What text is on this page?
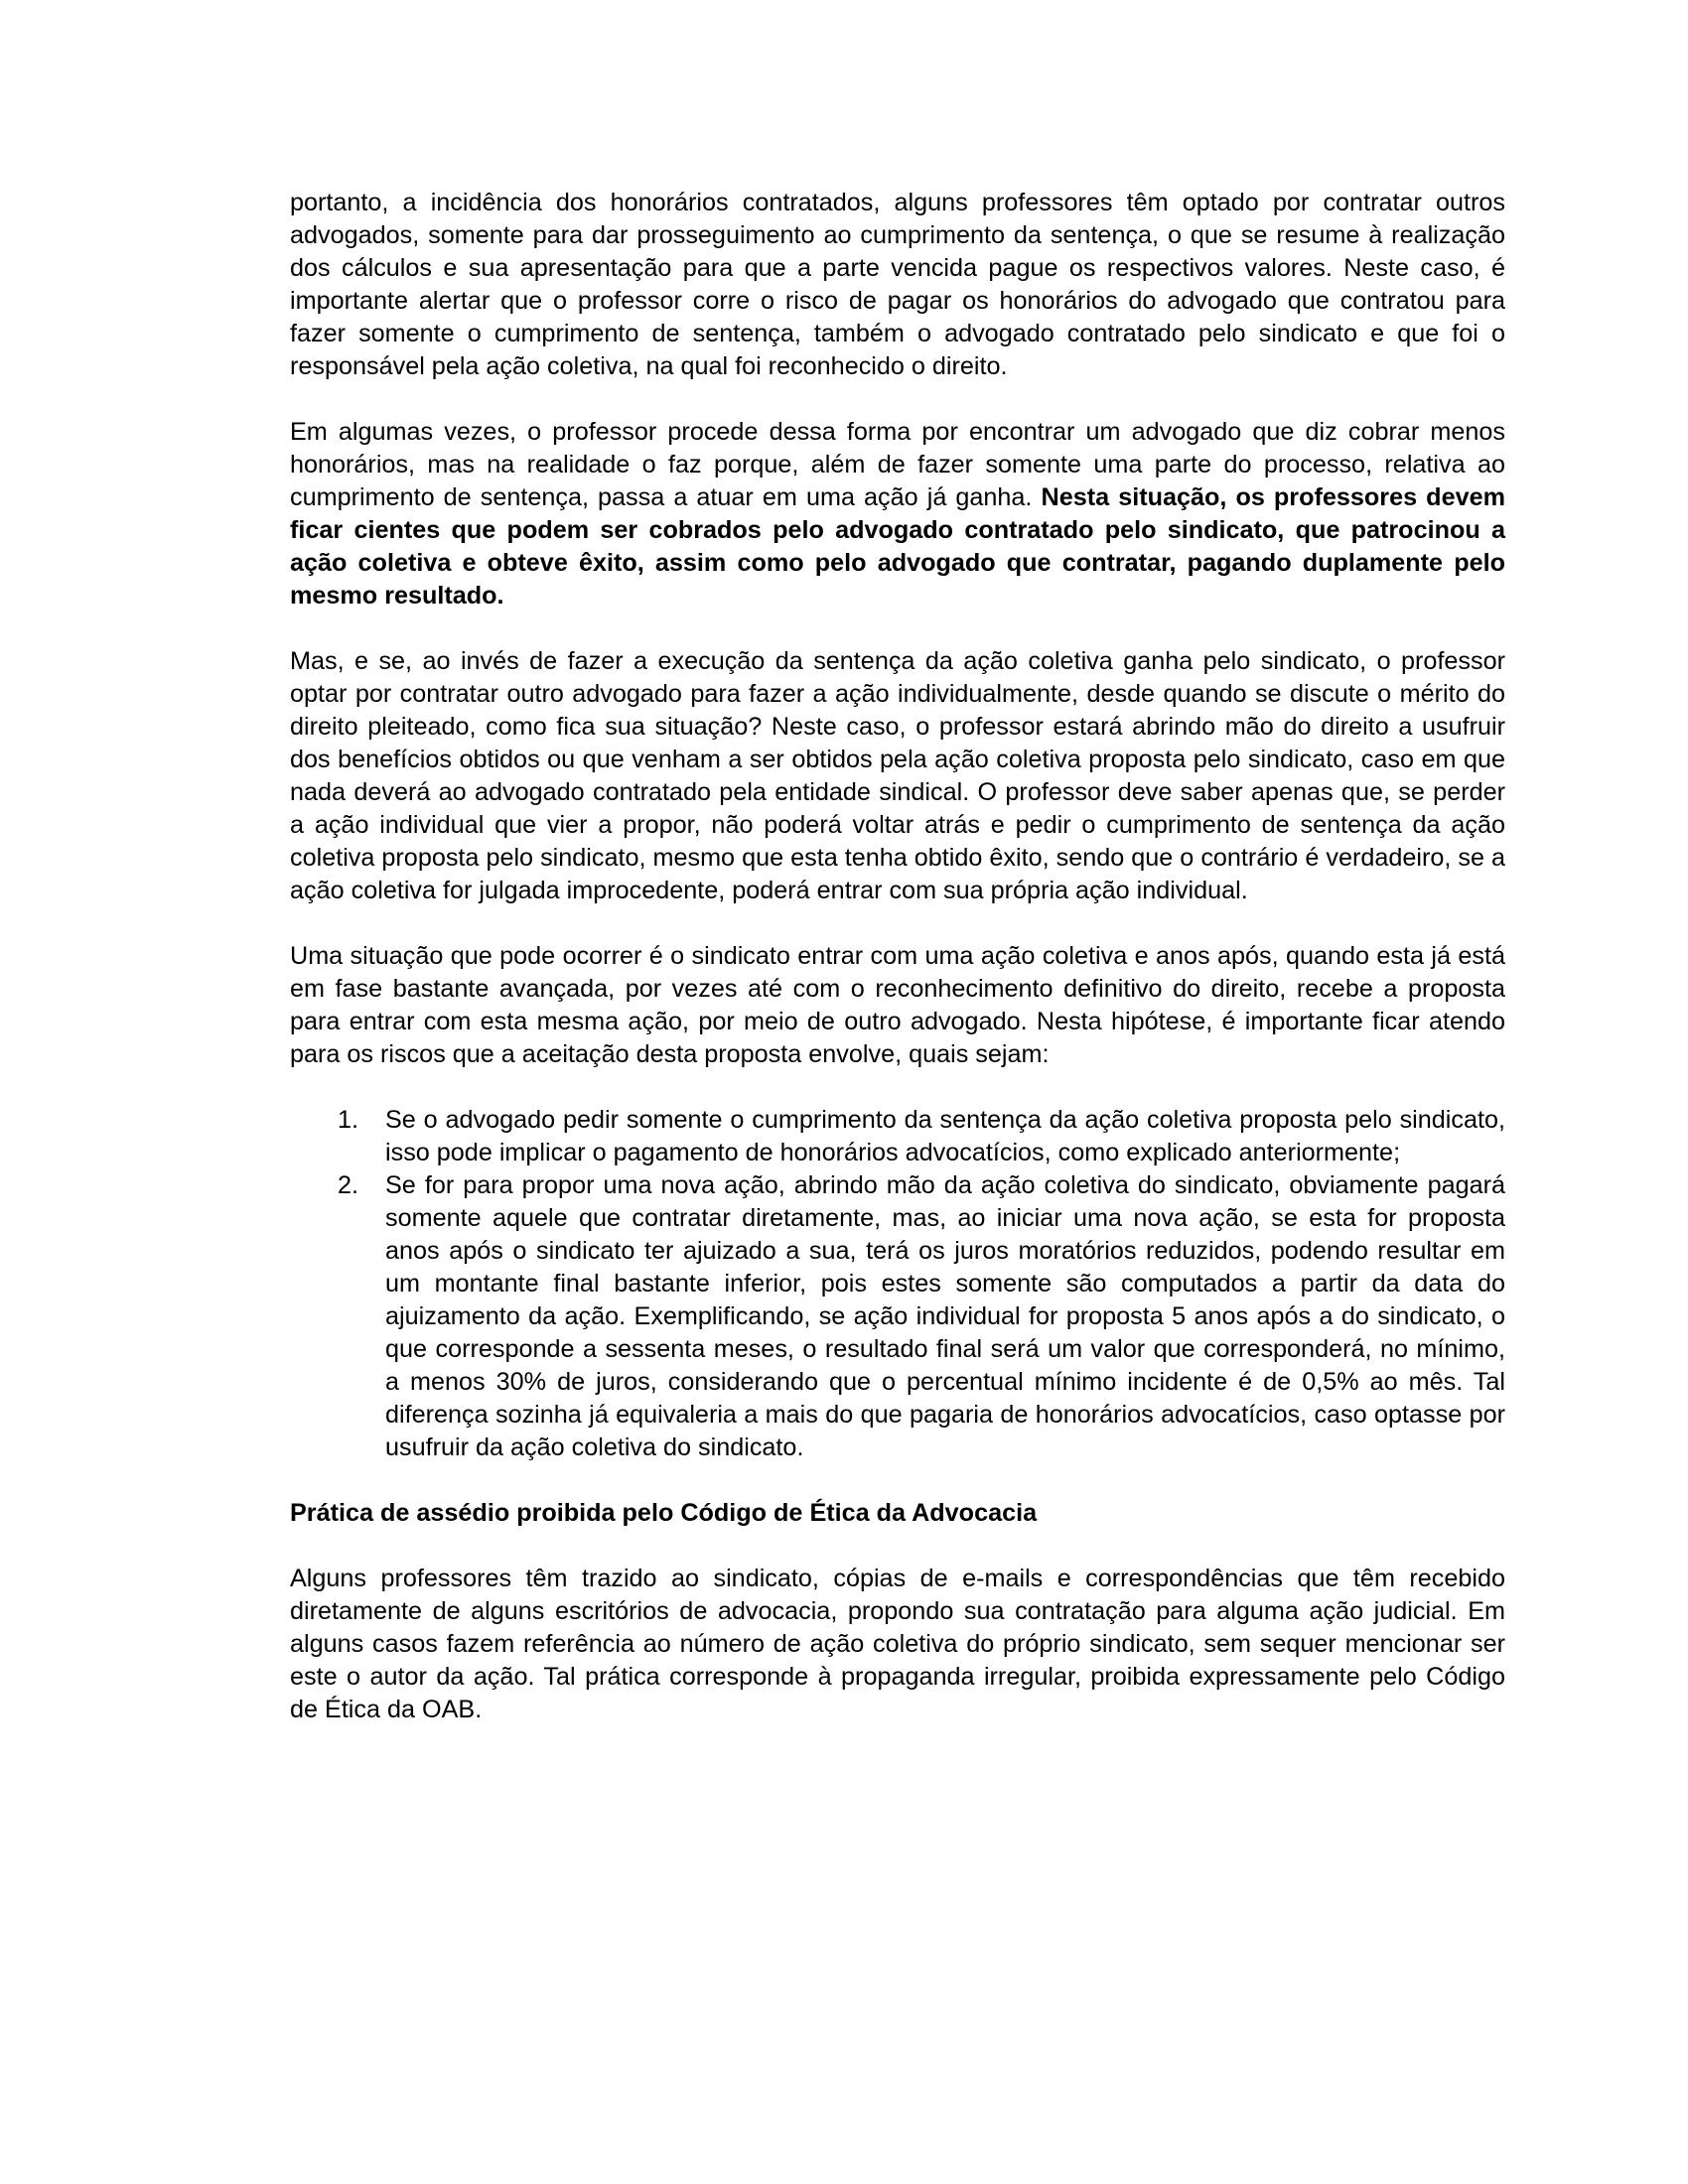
portanto, a incidência dos honorários contratados, alguns professores têm optado por contratar outros advogados, somente para dar prosseguimento ao cumprimento da sentença, o que se resume à realização dos cálculos e sua apresentação para que a parte vencida pague os respectivos valores. Neste caso, é importante alertar que o professor corre o risco de pagar os honorários do advogado que contratou para fazer somente o cumprimento de sentença, também o advogado contratado pelo sindicato e que foi o responsável pela ação coletiva, na qual foi reconhecido o direito.

Em algumas vezes, o professor procede dessa forma por encontrar um advogado que diz cobrar menos honorários, mas na realidade o faz porque, além de fazer somente uma parte do processo, relativa ao cumprimento de sentença, passa a atuar em uma ação já ganha. Nesta situação, os professores devem ficar cientes que podem ser cobrados pelo advogado contratado pelo sindicato, que patrocinou a ação coletiva e obteve êxito, assim como pelo advogado que contratar, pagando duplamente pelo mesmo resultado.

Mas, e se, ao invés de fazer a execução da sentença da ação coletiva ganha pelo sindicato, o professor optar por contratar outro advogado para fazer a ação individualmente, desde quando se discute o mérito do direito pleiteado, como fica sua situação? Neste caso, o professor estará abrindo mão do direito a usufruir dos benefícios obtidos ou que venham a ser obtidos pela ação coletiva proposta pelo sindicato, caso em que nada deverá ao advogado contratado pela entidade sindical. O professor deve saber apenas que, se perder a ação individual que vier a propor, não poderá voltar atrás e pedir o cumprimento de sentença da ação coletiva proposta pelo sindicato, mesmo que esta tenha obtido êxito, sendo que o contrário é verdadeiro, se a ação coletiva for julgada improcedente, poderá entrar com sua própria ação individual.

Uma situação que pode ocorrer é o sindicato entrar com uma ação coletiva e anos após, quando esta já está em fase bastante avançada, por vezes até com o reconhecimento definitivo do direito, recebe a proposta para entrar com esta mesma ação, por meio de outro advogado. Nesta hipótese, é importante ficar atendo para os riscos que a aceitação desta proposta envolve, quais sejam:

1. Se o advogado pedir somente o cumprimento da sentença da ação coletiva proposta pelo sindicato, isso pode implicar o pagamento de honorários advocatícios, como explicado anteriormente;
2. Se for para propor uma nova ação, abrindo mão da ação coletiva do sindicato, obviamente pagará somente aquele que contratar diretamente, mas, ao iniciar uma nova ação, se esta for proposta anos após o sindicato ter ajuizado a sua, terá os juros moratórios reduzidos, podendo resultar em um montante final bastante inferior, pois estes somente são computados a partir da data do ajuizamento da ação. Exemplificando, se ação individual for proposta 5 anos após a do sindicato, o que corresponde a sessenta meses, o resultado final será um valor que corresponderá, no mínimo, a menos 30% de juros, considerando que o percentual mínimo incidente é de 0,5% ao mês. Tal diferença sozinha já equivaleria a mais do que pagaria de honorários advocatícios, caso optasse por usufruir da ação coletiva do sindicato.
Prática de assédio proibida pelo Código de Ética da Advocacia

Alguns professores têm trazido ao sindicato, cópias de e-mails e correspondências que têm recebido diretamente de alguns escritórios de advocacia, propondo sua contratação para alguma ação judicial. Em alguns casos fazem referência ao número de ação coletiva do próprio sindicato, sem sequer mencionar ser este o autor da ação. Tal prática corresponde à propaganda irregular, proibida expressamente pelo Código de Ética da OAB.
